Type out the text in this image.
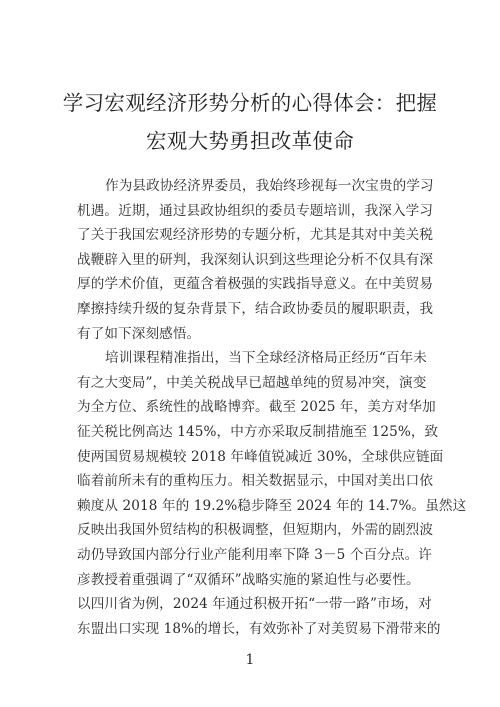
学习宏观经济形势分析的心得体会：把握
宏观大势勇担改革使命
作为县政协经济界委员，我始终珍视每一次宝贵的学习
机遇。近期，通过县政协组织的委员专题培训，我深入学习
了关于我国宏观经济形势的专题分析，尤其是其对中美关税
战鞭辟入里的研判，我深刻认识到这些理论分析不仅具有深
厚的学术价值，更蕴含着极强的实践指导意义。在中美贸易
摩擦持续升级的复杂背景下，结合政协委员的履职职责，我
有了如下深刻感悟。
培训课程精准指出，当下全球经济格局正经历“百年未
有之大变局”，中美关税战早已超越单纯的贸易冲突，演变
为全方位、系统性的战略博弈。截至 2025 年，美方对华加
征关税比例高达 145%，中方亦采取反制措施至 125%，致
使两国贸易规模较 2018 年峰值锐减近 30%，全球供应链面
临着前所未有的重构压力。相关数据显示，中国对美出口依
赖度从 2018 年的 19.2%稳步降至 2024 年的 14.7%。虽然这
反映出我国外贸结构的积极调整，但短期内，外需的剧烈波
动仍导致国内部分行业产能利用率下降 3－5 个百分点。许
彦教授着重强调了“双循环”战略实施的紧迫性与必要性。
以四川省为例，2024 年通过积极开拓“一带一路”市场，对
东盟出口实现 18%的增长，有效弥补了对美贸易下滑带来的
1
